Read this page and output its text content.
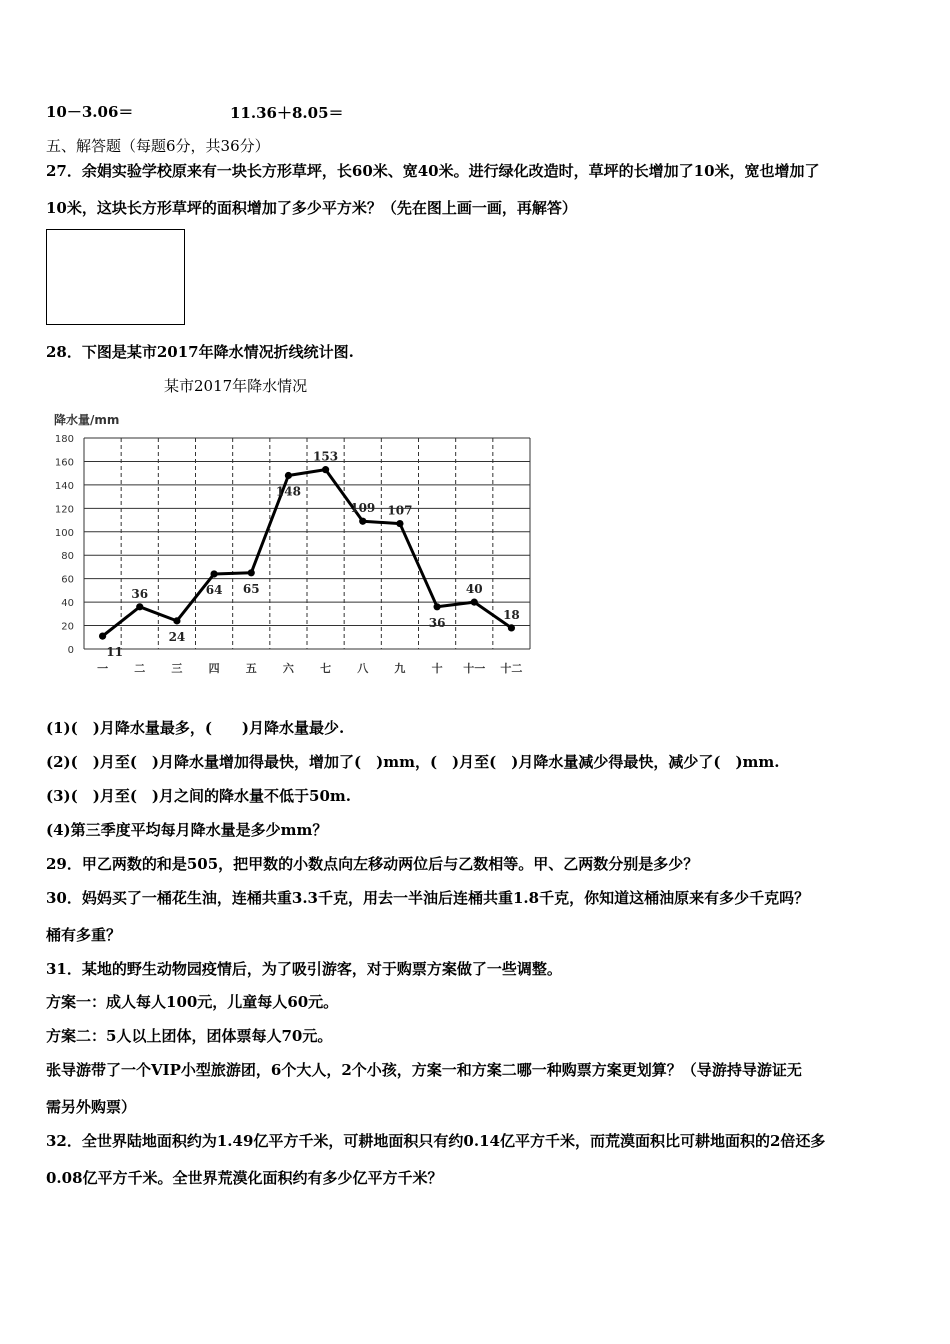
10－3.06＝	11.36＋8.05＝
五、解答题（每题6分，共36分）
27．余娟实验学校原来有一块长方形草坪，长60米、宽40米。进行绿化改造时，草坪的长增加了10米，宽也增加了
10米，这块长方形草坪的面积增加了多少平方米？（先在图上画一画，再解答）
28．下图是某市2017年降水情况折线统计图.
某市2017年降水情况
降水量/mm
0
20
40
60
80
100
120
140
160
180
一 二 三 四 五 六 七 八 九 十 十一 十二
11
36
24
64 65
148
153
109 107
36
40
18
(1)(　)月降水量最多，(　　)月降水量最少.
(2)(　)月至(　)月降水量增加得最快，增加了(　)mm，(　)月至(　)月降水量减少得最快，减少了(　)mm.
(3)(　)月至(　)月之间的降水量不低于50m.
(4)第三季度平均每月降水量是多少mm？
29．甲乙两数的和是505，把甲数的小数点向左移动两位后与乙数相等。甲、乙两数分别是多少？
30．妈妈买了一桶花生油，连桶共重3.3千克，用去一半油后连桶共重1.8千克，你知道这桶油原来有多少千克吗？
桶有多重？
31．某地的野生动物园疫情后，为了吸引游客，对于购票方案做了一些调整。
方案一：成人每人100元，儿童每人60元。
方案二：5人以上团体，团体票每人70元。
张导游带了一个VIP小型旅游团，6个大人，2个小孩，方案一和方案二哪一种购票方案更划算？（导游持导游证无
需另外购票）
32．全世界陆地面积约为1.49亿平方千米，可耕地面积只有约0.14亿平方千米，而荒漠面积比可耕地面积的2倍还多
0.08亿平方千米。全世界荒漠化面积约有多少亿平方千米？
